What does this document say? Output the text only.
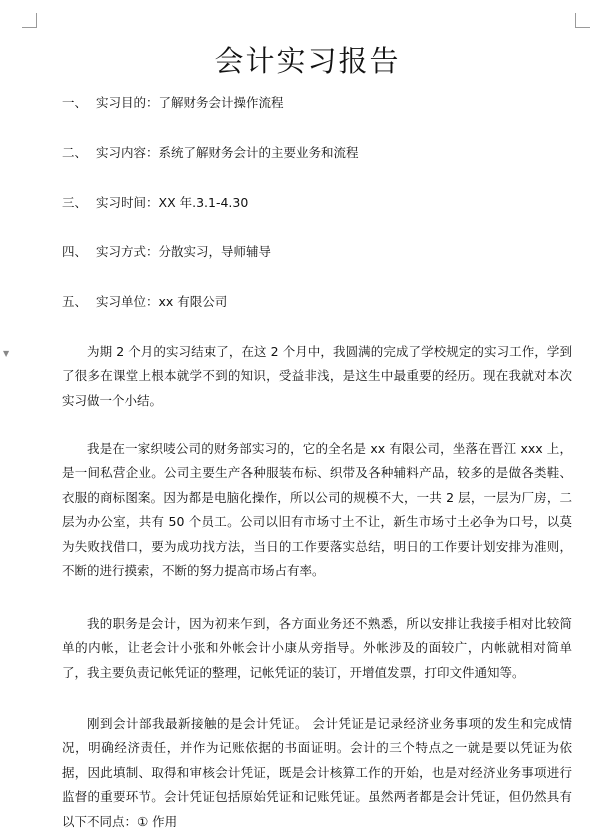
▼
会计实习报告
一、 实习目的：了解财务会计操作流程
二、 实习内容：系统了解财务会计的主要业务和流程
三、 实习时间：XX 年.3.1-4.30
四、 实习方式：分散实习，导师辅导
五、 实习单位：xx 有限公司

为期 2 个月的实习结束了，在这 2 个月中，我圆满的完成了学校规定的实习工作，学到了很多在课堂上根本就学不到的知识，受益非浅，是这生中最重要的经历。现在我就对本次实习做一个小结。

我是在一家织唛公司的财务部实习的，它的全名是 xx 有限公司，坐落在晋江 xxx 上，是一间私营企业。公司主要生产各种服装布标、织带及各种辅料产品，较多的是做各类鞋、衣服的商标图案。因为都是电脑化操作，所以公司的规模不大，一共 2 层，一层为厂房，二层为办公室，共有 50 个员工。公司以旧有市场寸土不让，新生市场寸土必争为口号，以莫为失败找借口，要为成功找方法，当日的工作要落实总结，明日的工作要计划安排为准则，不断的进行摸索，不断的努力提高市场占有率。

我的职务是会计，因为初来乍到，各方面业务还不熟悉，所以安排让我接手相对比较简单的内帐，让老会计小张和外帐会计小康从旁指导。外帐涉及的面较广，内帐就相对简单了，我主要负责记帐凭证的整理，记帐凭证的装订，开增值发票，打印文件通知等。

刚到会计部我最新接触的是会计凭证。 会计凭证是记录经济业务事项的发生和完成情况，明确经济责任，并作为记账依据的书面证明。会计的三个特点之一就是要以凭证为依据，因此填制、取得和审核会计凭证，既是会计核算工作的开始，也是对经济业务事项进行监督的重要环节。会计凭证包括原始凭证和记账凭证。虽然两者都是会计凭证，但仍然具有以下不同点：① 作用
